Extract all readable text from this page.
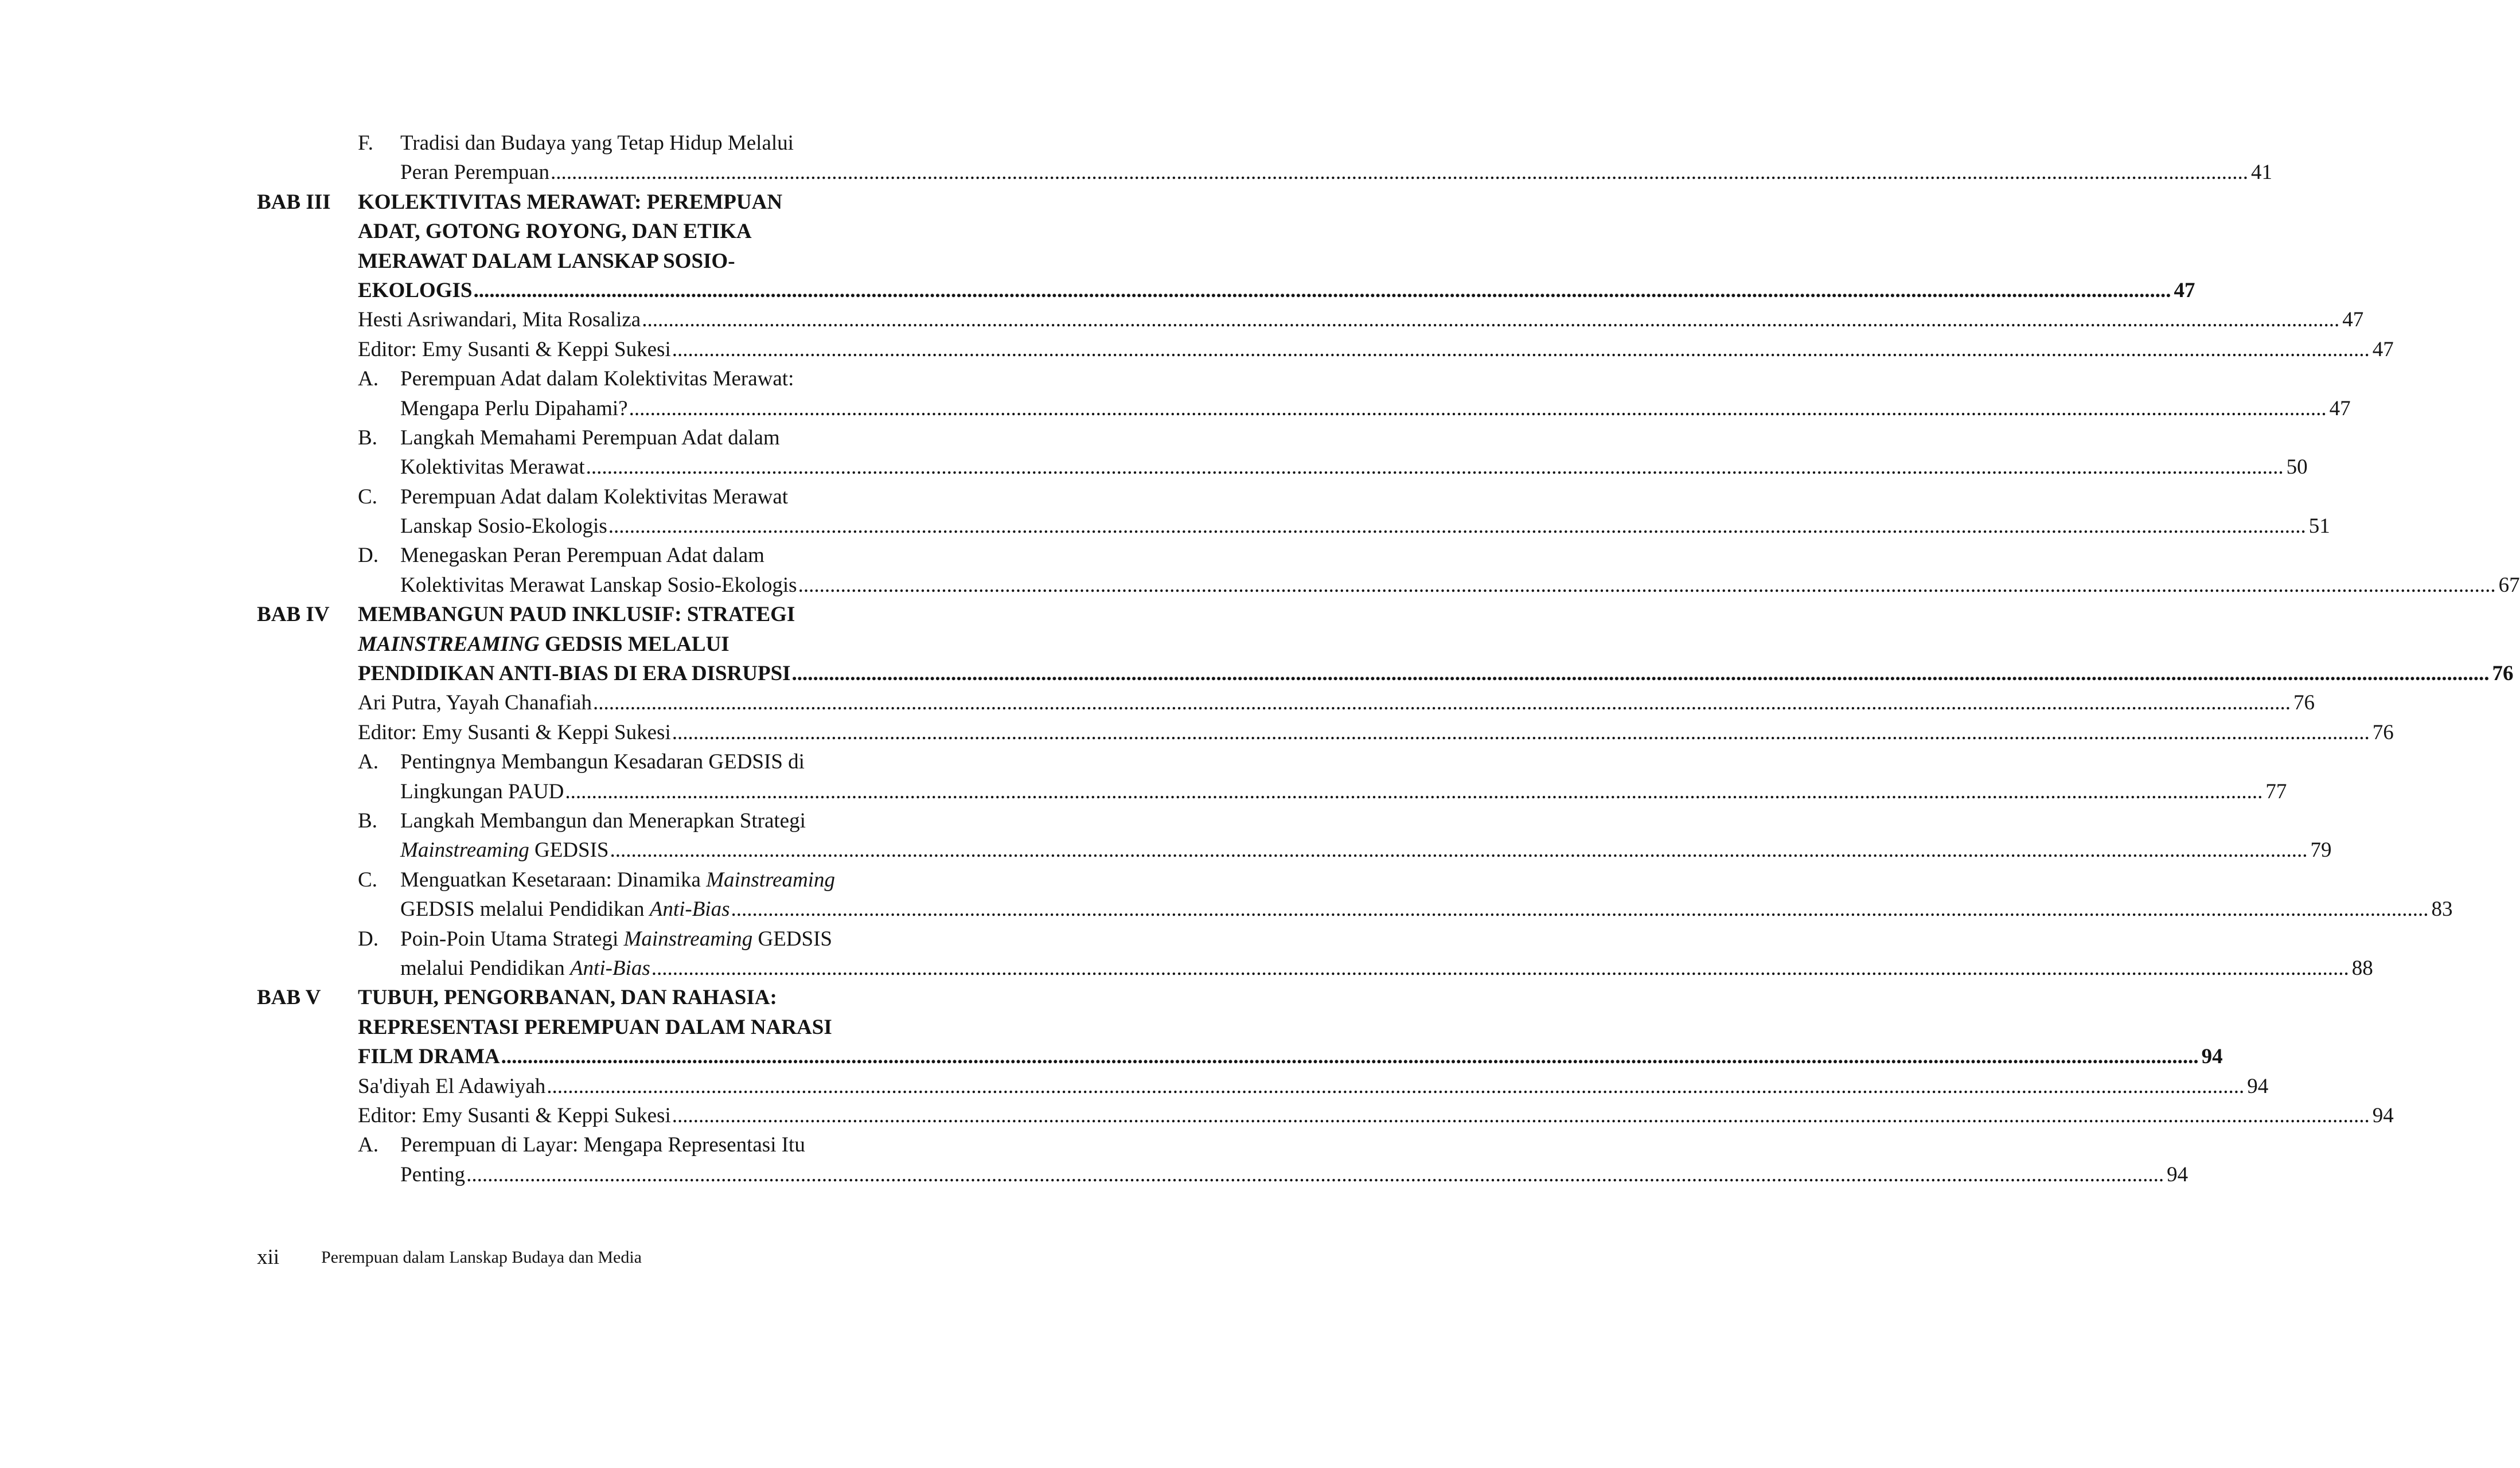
F. Tradisi dan Budaya yang Tetap Hidup Melalui
Peran Perempuan .....	41
BAB III KOLEKTIVITAS MERAWAT: PEREMPUAN
ADAT, GOTONG ROYONG, DAN ETIKA
MERAWAT DALAM LANSKAP SOSIO-
EKOLOGIS .....	47
Hesti Asriwandari, Mita Rosaliza .....	47
Editor: Emy Susanti & Keppi Sukesi .....	47
A. Perempuan Adat dalam Kolektivitas Merawat:
Mengapa Perlu Dipahami? .....	47
B. Langkah Memahami Perempuan Adat dalam
Kolektivitas Merawat .....	50
C. Perempuan Adat dalam Kolektivitas Merawat
Lanskap Sosio-Ekologis .....	51
D. Menegaskan Peran Perempuan Adat dalam
Kolektivitas Merawat Lanskap Sosio-Ekologis .....	67
BAB IV MEMBANGUN PAUD INKLUSIF: STRATEGI
MAINSTREAMING GEDSIS MELALUI
PENDIDIKAN ANTI-BIAS DI ERA DISRUPSI .....	76
Ari Putra, Yayah Chanafiah .....	76
Editor: Emy Susanti & Keppi Sukesi .....	76
A. Pentingnya Membangun Kesadaran GEDSIS di
Lingkungan PAUD .....	77
B. Langkah Membangun dan Menerapkan Strategi
Mainstreaming GEDSIS .....	79
C. Menguatkan Kesetaraan: Dinamika Mainstreaming
GEDSIS melalui Pendidikan Anti-Bias .....	83
D. Poin-Poin Utama Strategi Mainstreaming GEDSIS
melalui Pendidikan Anti-Bias .....	88
BAB V TUBUH, PENGORBANAN, DAN RAHASIA:
REPRESENTASI PEREMPUAN DALAM NARASI
FILM DRAMA .....	94
Sa'diyah El Adawiyah .....	94
Editor: Emy Susanti & Keppi Sukesi .....	94
A. Perempuan di Layar: Mengapa Representasi Itu
Penting .....	94
xii Perempuan dalam Lanskap Budaya dan Media
